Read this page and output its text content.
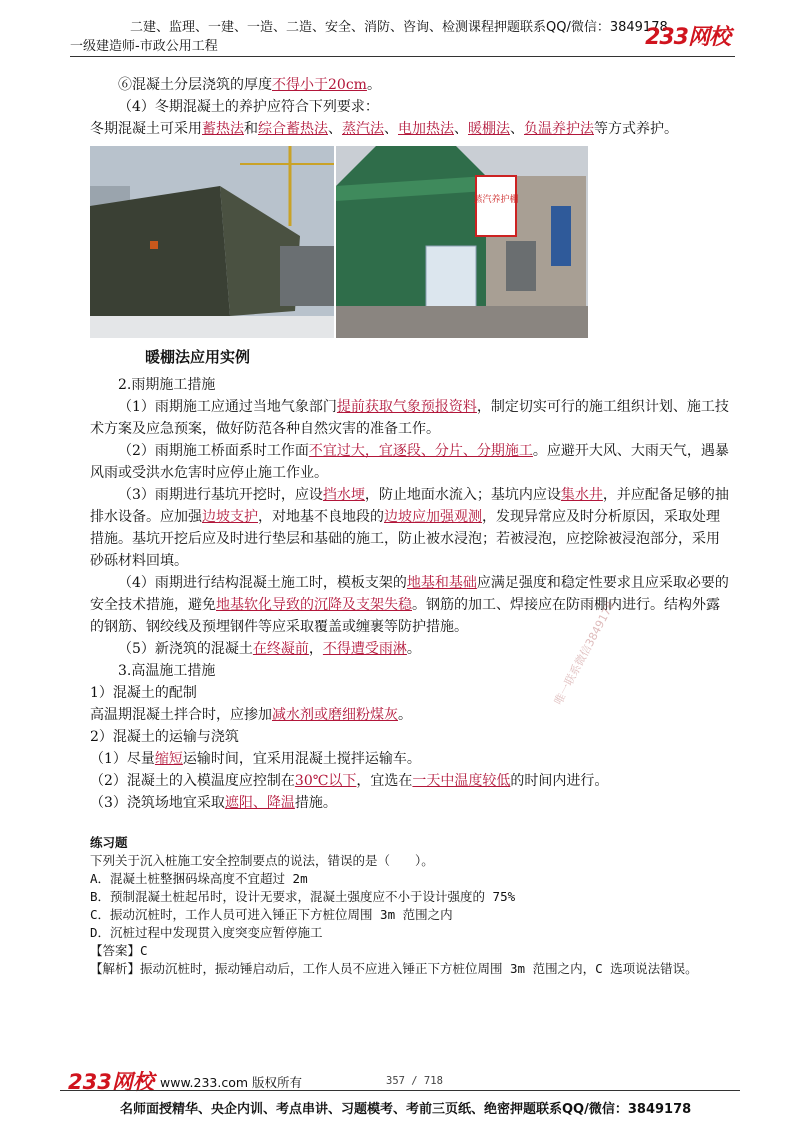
二建、监理、一建、一造、二造、安全、消防、咨询、检测课程押题联系QQ/微信：3849178
一级建造师-市政公用工程	233网校

⑥混凝土分层浇筑的厚度不得小于20cm。

（4）冬期混凝土的养护应符合下列要求：

冬期混凝土可采用蓄热法和综合蓄热法、蒸汽法、电加热法、暖棚法、负温养护法等方式养护。

蒸汽养护棚
暖棚法应用实例

2.雨期施工措施

（1）雨期施工应通过当地气象部门提前获取气象预报资料，制定切实可行的施工组织计划、施工技术方案及应急预案，做好防范各种自然灾害的准备工作。

（2）雨期施工桥面系时工作面不宜过大，宜逐段、分片、分期施工。应避开大风、大雨天气，遇暴风雨或受洪水危害时应停止施工作业。

（3）雨期进行基坑开挖时，应设挡水埂，防止地面水流入；基坑内应设集水井，并应配备足够的抽排水设备。应加强边坡支护，对地基不良地段的边坡应加强观测，发现异常应及时分析原因，采取处理措施。基坑开挖后应及时进行垫层和基础的施工，防止被水浸泡；若被浸泡，应挖除被浸泡部分，采用砂砾材料回填。

（4）雨期进行结构混凝土施工时，模板支架的地基和基础应满足强度和稳定性要求且应采取必要的安全技术措施，避免地基软化导致的沉降及支架失稳。钢筋的加工、焊接应在防雨棚内进行。结构外露的钢筋、钢绞线及预埋钢件等应采取覆盖或缠裹等防护措施。

（5）新浇筑的混凝土在终凝前，不得遭受雨淋。

3.高温施工措施

1）混凝土的配制

高温期混凝土拌合时，应掺加减水剂或磨细粉煤灰。

2）混凝土的运输与浇筑

（1）尽量缩短运输时间，宜采用混凝土搅拌运输车。

（2）混凝土的入模温度应控制在30℃以下，宜选在一天中温度较低的时间内进行。

（3）浇筑场地宜采取遮阳、降温措施。

练习题

下列关于沉入桩施工安全控制要点的说法，错误的是（　　）。

A．混凝土桩整捆码垛高度不宜超过 2m

B．预制混凝土桩起吊时，设计无要求，混凝土强度应不小于设计强度的 75%

C．振动沉桩时，工作人员可进入锤正下方桩位周围 3m 范围之内

D．沉桩过程中发现贯入度突变应暂停施工

【答案】C

【解析】振动沉桩时，振动锤启动后，工作人员不应进入锤正下方桩位周围 3m 范围之内，C 选项说法错误。

唯一联系微信3849178
233网校 www.233.com 版权所有	357 / 718
名师面授精华、央企内训、考点串讲、习题模考、考前三页纸、绝密押题联系QQ/微信：3849178
